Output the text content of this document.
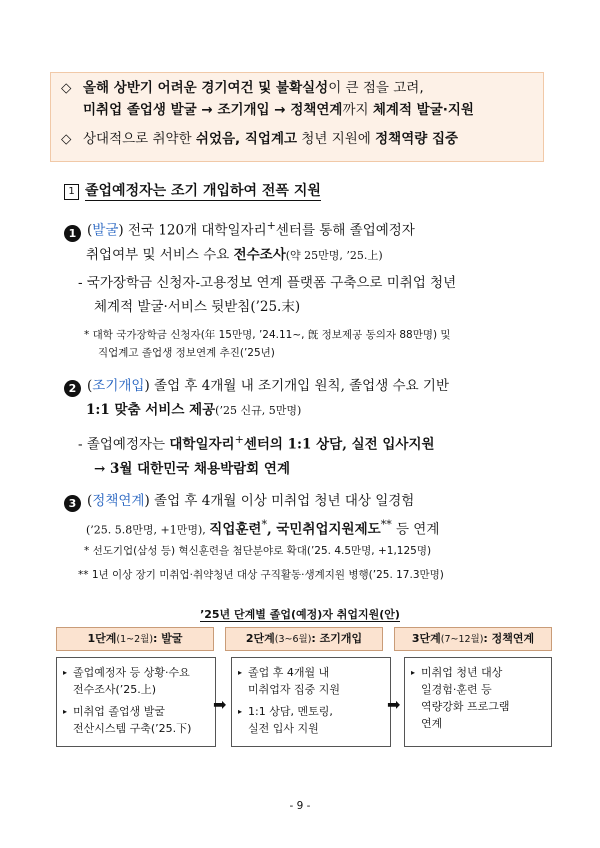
◇ 올해 상반기 어려운 경기여건 및 불확실성이 큰 점을 고려,
미취업 졸업생 발굴 → 조기개입 → 정책연계까지 체계적 발굴·지원
◇ 상대적으로 취약한 쉬었음, 직업계고 청년 지원에 정책역량 집중
1 졸업예정자는 조기 개입하여 전폭 지원
1 (발굴) 전국 120개 대학일자리+센터를 통해 졸업예정자
취업여부 및 서비스 수요 전수조사(약 25만명, ’25.上)
- 국가장학금 신청자-고용정보 연계 플랫폼 구축으로 미취업 청년
체계적 발굴·서비스 뒷받침(’25.末)
* 대학 국가장학금 신청자(年 15만명, ’24.11~, 旣 정보제공 동의자 88만명) 및
직업계고 졸업생 정보연계 추진(’25년)
2 (조기개입) 졸업 후 4개월 내 조기개입 원칙, 졸업생 수요 기반
1:1 맞춤 서비스 제공(’25 신규, 5만명)
- 졸업예정자는 대학일자리+센터의 1:1 상담, 실전 입사지원
→ 3월 대한민국 채용박람회 연계
3 (정책연계) 졸업 후 4개월 이상 미취업 청년 대상 일경험
(’25. 5.8만명, +1만명), 직업훈련*, 국민취업지원제도** 등 연계
* 선도기업(삼성 등) 혁신훈련을 첨단분야로 확대(’25. 4.5만명, +1,125명)
** 1년 이상 장기 미취업·취약청년 대상 구직활동·생계지원 병행(’25. 17.3만명)
’25년 단계별 졸업(예정)자 취업지원(안)
1단계(1~2월): 발굴	2단계(3~6월): 조기개입	3단계(7~12월): 정책연계
▸ 졸업예정자 등 상황·수요
전수조사(’25.上)
▸ 미취업 졸업생 발굴
전산시스템 구축(’25.下)
➡
▸ 졸업 후 4개월 내
미취업자 집중 지원
▸ 1:1 상담, 멘토링,
실전 입사 지원
➡
▸ 미취업 청년 대상
일경험·훈련 등
역량강화 프로그램
연계
- 9 -
